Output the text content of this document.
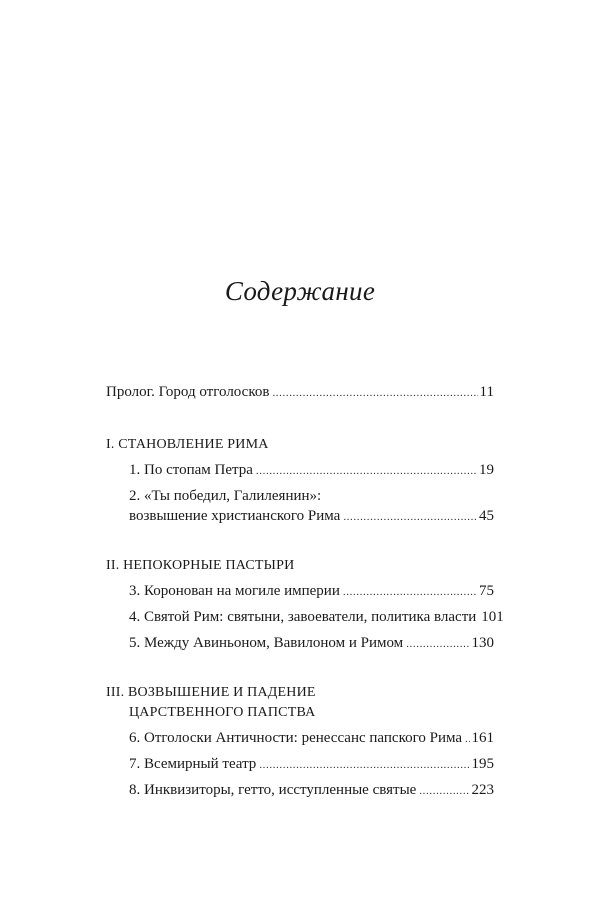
Содержание
Пролог. Город отголосков .....	11
I. СТАНОВЛЕНИЕ РИМА
1. По стопам Петра .....	19
2. «Ты победил, Галилеянин»:
возвышение христианского Рима .....	45
II. НЕПОКОРНЫЕ ПАСТЫРИ
3. Коронован на могиле империи .....	75
4. Святой Рим: святыни, завоеватели, политика власти 101
5. Между Авиньоном, Вавилоном и Римом .....	130
III. ВОЗВЫШЕНИЕ И ПАДЕНИЕ
ЦАРСТВЕННОГО ПАПСТВА
6. Отголоски Античности: ренессанс папского Рима ..... 161
7. Всемирный театр .....	195
8. Инквизиторы, гетто, исступленные святые .....	223
